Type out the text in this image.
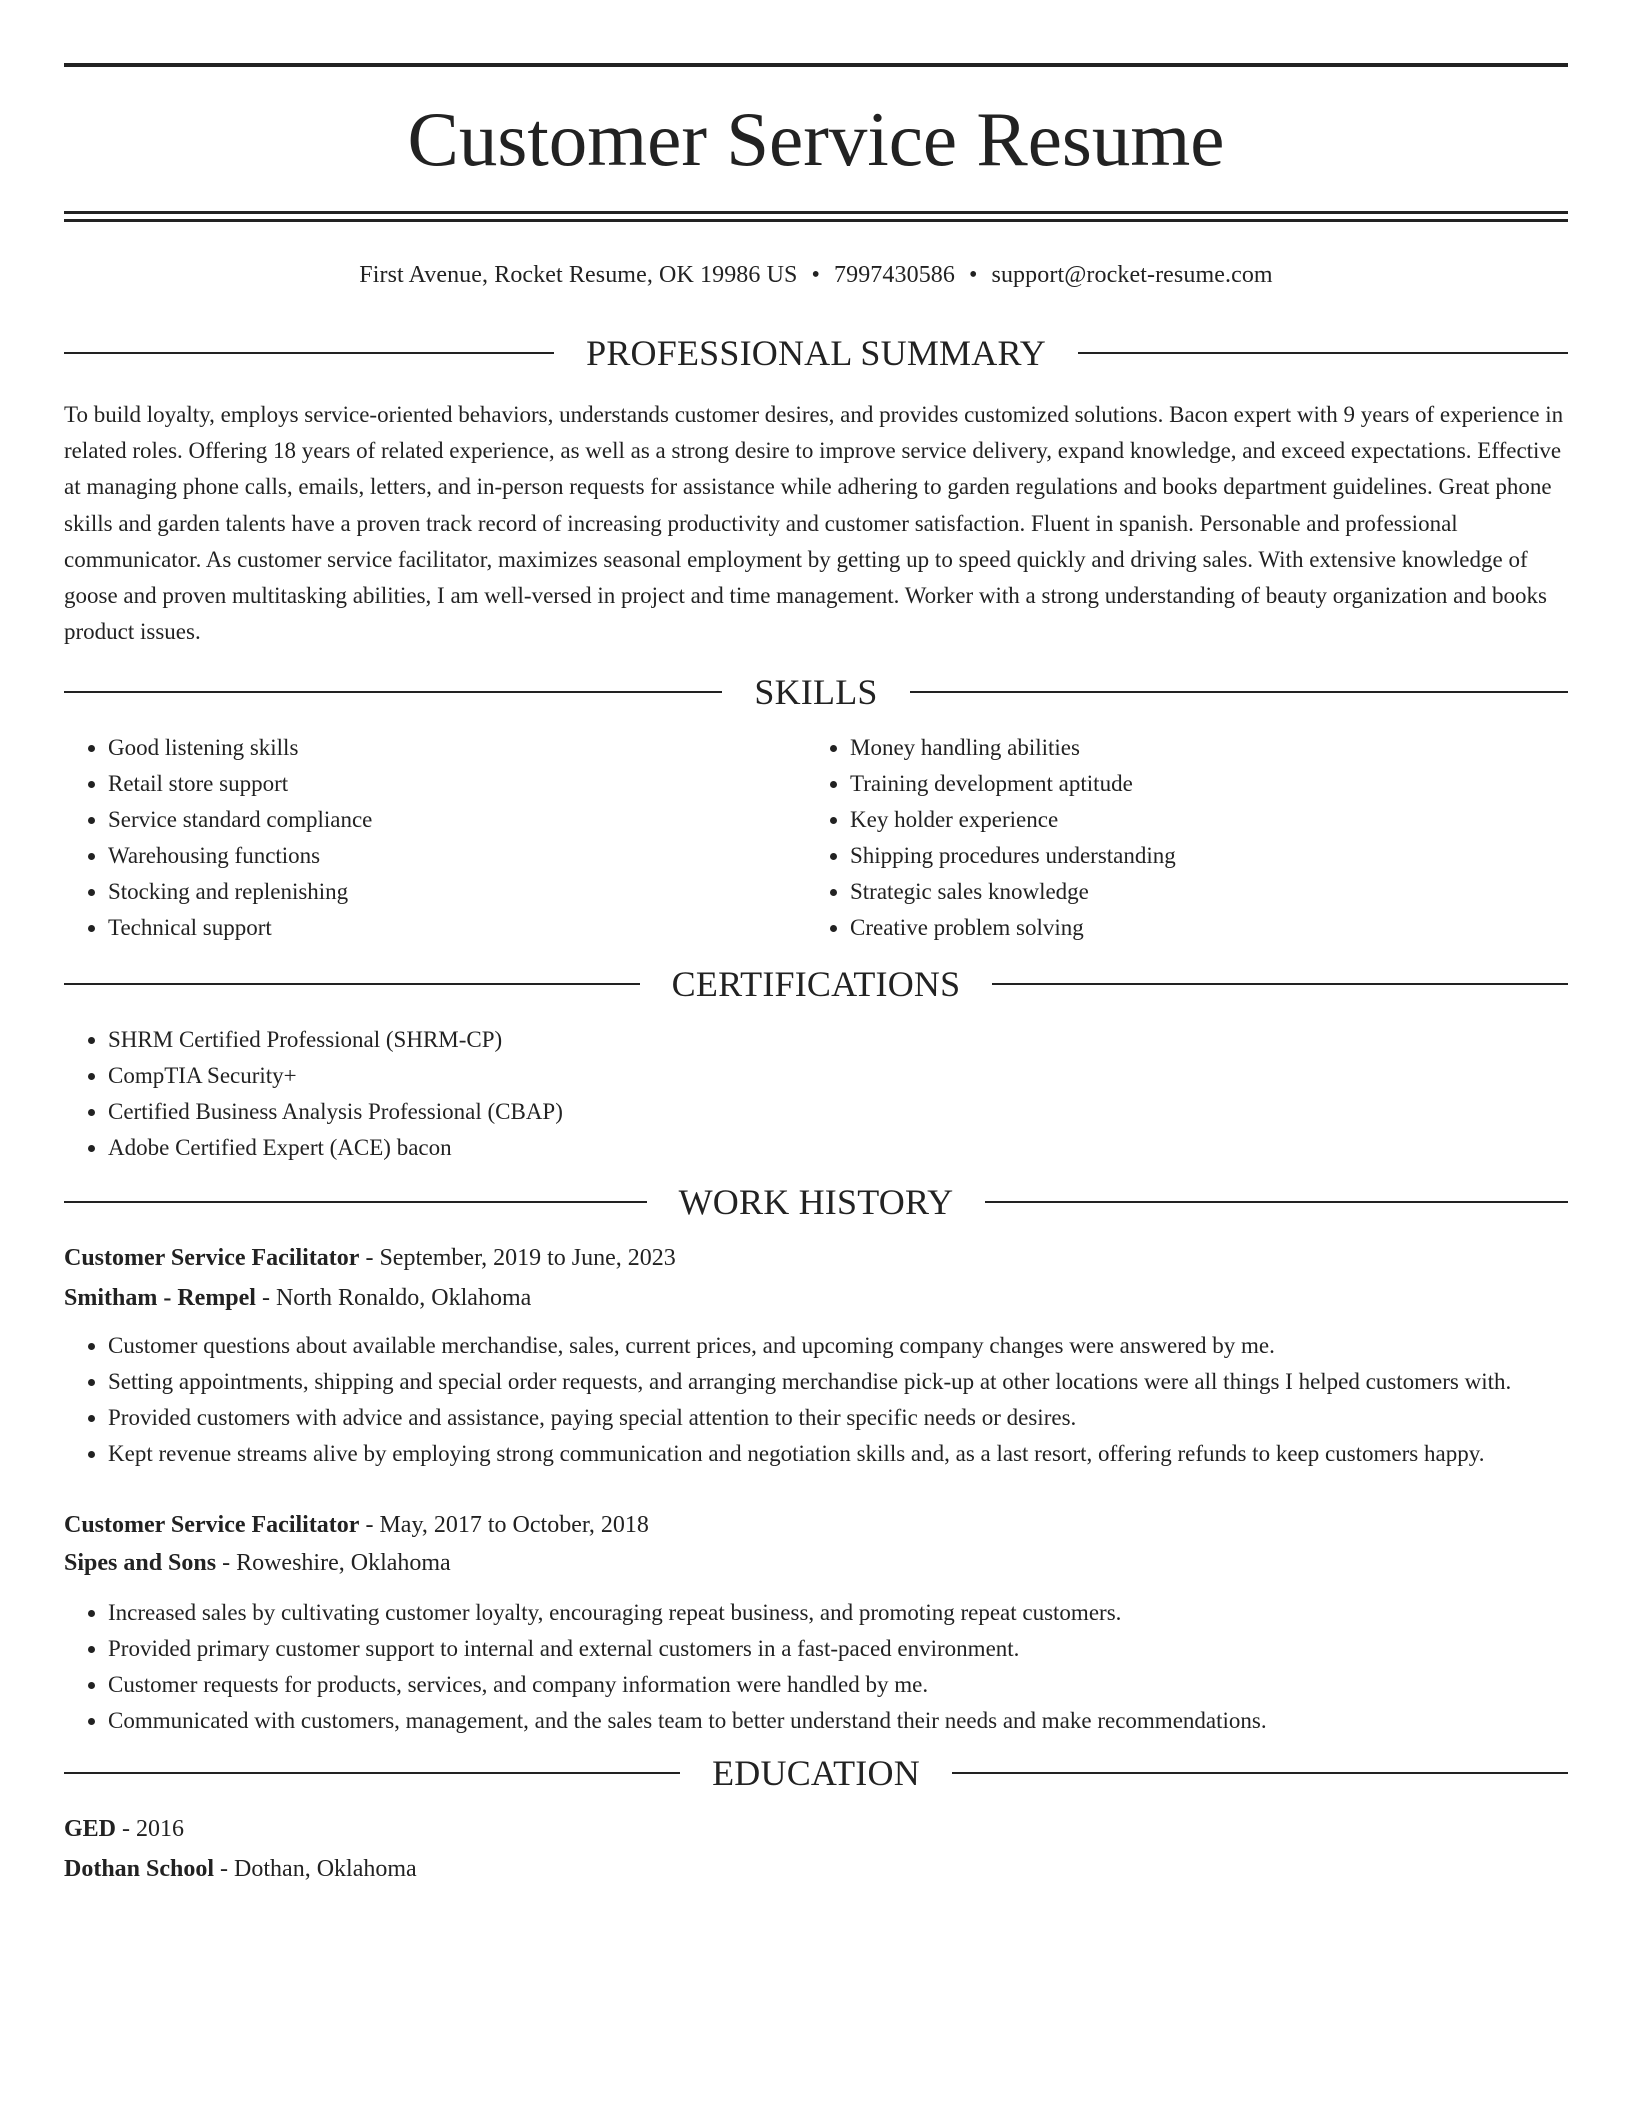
Customer Service Resume
First Avenue, Rocket Resume, OK 19986 US • 7997430586 • support@rocket-resume.com
PROFESSIONAL SUMMARY

To build loyalty, employs service-oriented behaviors, understands customer desires, and provides customized solutions. Bacon expert with 9 years of experience in related roles. Offering 18 years of related experience, as well as a strong desire to improve service delivery, expand knowledge, and exceed expectations. Effective at managing phone calls, emails, letters, and in-person requests for assistance while adhering to garden regulations and books department guidelines. Great phone skills and garden talents have a proven track record of increasing productivity and customer satisfaction. Fluent in spanish. Personable and professional communicator. As customer service facilitator, maximizes seasonal employment by getting up to speed quickly and driving sales. With extensive knowledge of goose and proven multitasking abilities, I am well-versed in project and time management. Worker with a strong understanding of beauty organization and books product issues.

SKILLS
• Good listening skills
• Retail store support
• Service standard compliance
• Warehousing functions
• Stocking and replenishing
• Technical support
• Money handling abilities
• Training development aptitude
• Key holder experience
• Shipping procedures understanding
• Strategic sales knowledge
• Creative problem solving
CERTIFICATIONS
• SHRM Certified Professional (SHRM-CP)
• CompTIA Security+
• Certified Business Analysis Professional (CBAP)
• Adobe Certified Expert (ACE) bacon
WORK HISTORY

Customer Service Facilitator - September, 2019 to June, 2023

Smitham - Rempel - North Ronaldo, Oklahoma

• Customer questions about available merchandise, sales, current prices, and upcoming company changes were answered by me.
• Setting appointments, shipping and special order requests, and arranging merchandise pick-up at other locations were all things I helped customers with.
• Provided customers with advice and assistance, paying special attention to their specific needs or desires.
• Kept revenue streams alive by employing strong communication and negotiation skills and, as a last resort, offering refunds to keep customers happy.

Customer Service Facilitator - May, 2017 to October, 2018

Sipes and Sons - Roweshire, Oklahoma

• Increased sales by cultivating customer loyalty, encouraging repeat business, and promoting repeat customers.
• Provided primary customer support to internal and external customers in a fast-paced environment.
• Customer requests for products, services, and company information were handled by me.
• Communicated with customers, management, and the sales team to better understand their needs and make recommendations.
EDUCATION

GED - 2016

Dothan School - Dothan, Oklahoma
